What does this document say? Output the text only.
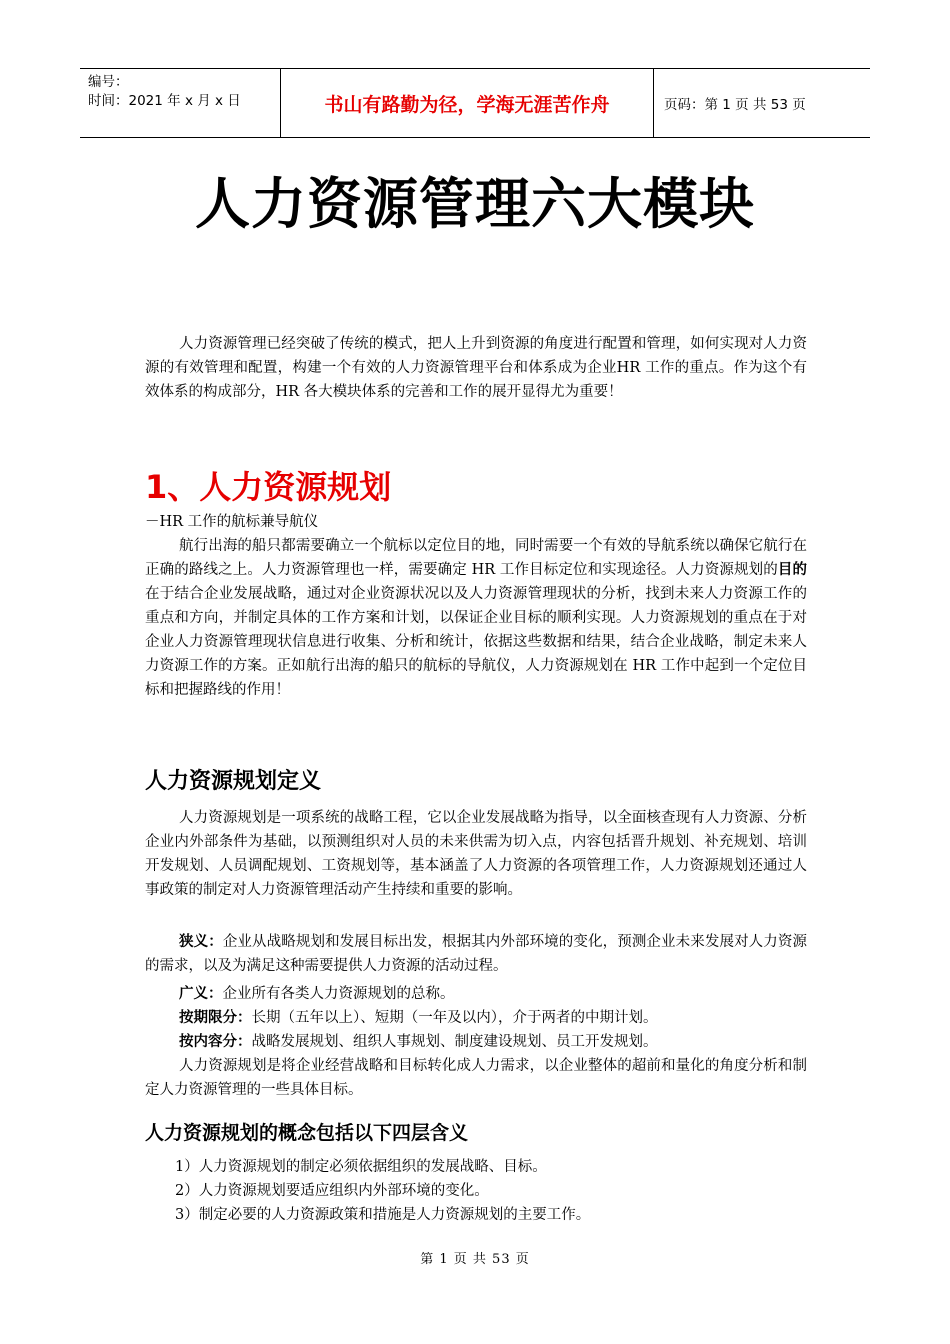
编号：
时间：2021 年 x 月 x 日	书山有路勤为径，学海无涯苦作舟	页码：第 1 页 共 53 页
人力资源管理六大模块
人力资源管理已经突破了传统的模式，把人上升到资源的角度进行配置和管理，如何实现对人力资源的有效管理和配置，构建一个有效的人力资源管理平台和体系成为企业HR 工作的重点。作为这个有效体系的构成部分，HR 各大模块体系的完善和工作的展开显得尤为重要！
1、人力资源规划
－HR 工作的航标兼导航仪
航行出海的船只都需要确立一个航标以定位目的地，同时需要一个有效的导航系统以确保它航行在正确的路线之上。人力资源管理也一样，需要确定 HR 工作目标定位和实现途径。人力资源规划的目的在于结合企业发展战略，通过对企业资源状况以及人力资源管理现状的分析，找到未来人力资源工作的重点和方向，并制定具体的工作方案和计划，以保证企业目标的顺利实现。人力资源规划的重点在于对企业人力资源管理现状信息进行收集、分析和统计，依据这些数据和结果，结合企业战略，制定未来人力资源工作的方案。正如航行出海的船只的航标的导航仪，人力资源规划在 HR 工作中起到一个定位目标和把握路线的作用！
人力资源规划定义
人力资源规划是一项系统的战略工程，它以企业发展战略为指导，以全面核查现有人力资源、分析企业内外部条件为基础，以预测组织对人员的未来供需为切入点，内容包括晋升规划、补充规划、培训开发规划、人员调配规划、工资规划等，基本涵盖了人力资源的各项管理工作，人力资源规划还通过人事政策的制定对人力资源管理活动产生持续和重要的影响。
狭义：企业从战略规划和发展目标出发，根据其内外部环境的变化，预测企业未来发展对人力资源的需求，以及为满足这种需要提供人力资源的活动过程。
广义：企业所有各类人力资源规划的总称。
按期限分：长期（五年以上）、短期（一年及以内），介于两者的中期计划。
按内容分：战略发展规划、组织人事规划、制度建设规划、员工开发规划。
人力资源规划是将企业经营战略和目标转化成人力需求，以企业整体的超前和量化的角度分析和制定人力资源管理的一些具体目标。
人力资源规划的概念包括以下四层含义
1）人力资源规划的制定必须依据组织的发展战略、目标。
2）人力资源规划要适应组织内外部环境的变化。
3）制定必要的人力资源政策和措施是人力资源规划的主要工作。
第 1 页 共 53 页
